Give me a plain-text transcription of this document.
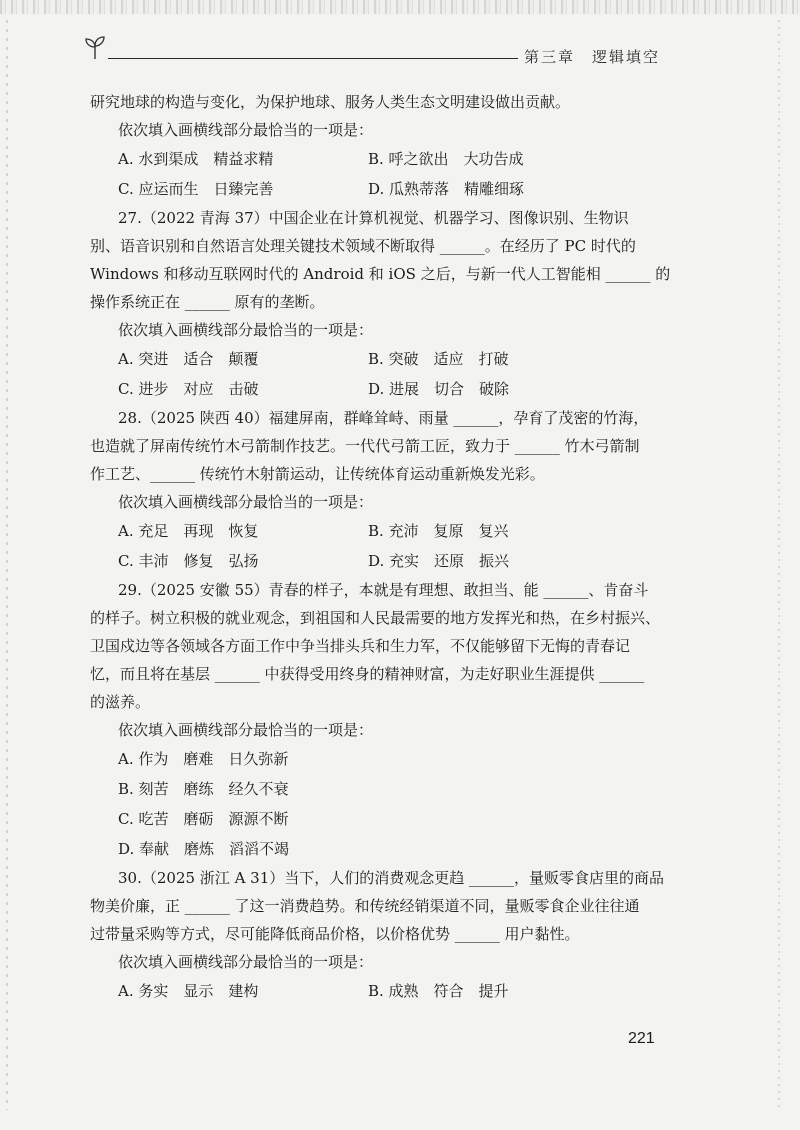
第三章　逻辑填空
研究地球的构造与变化，为保护地球、服务人类生态文明建设做出贡献。
依次填入画横线部分最恰当的一项是：
A. 水到渠成　精益求精	B. 呼之欲出　大功告成
C. 应运而生　日臻完善	D. 瓜熟蒂落　精雕细琢
27.（2022 青海 37）中国企业在计算机视觉、机器学习、图像识别、生物识
别、语音识别和自然语言处理关键技术领域不断取得 ______。在经历了 PC 时代的
Windows 和移动互联网时代的 Android 和 iOS 之后，与新一代人工智能相 ______ 的
操作系统正在 ______ 原有的垄断。
依次填入画横线部分最恰当的一项是：
A. 突进　适合　颠覆	B. 突破　适应　打破
C. 进步　对应　击破	D. 进展　切合　破除
28.（2025 陕西 40）福建屏南，群峰耸峙、雨量 ______，孕育了茂密的竹海，
也造就了屏南传统竹木弓箭制作技艺。一代代弓箭工匠，致力于 ______ 竹木弓箭制
作工艺、______ 传统竹木射箭运动，让传统体育运动重新焕发光彩。
依次填入画横线部分最恰当的一项是：
A. 充足　再现　恢复	B. 充沛　复原　复兴
C. 丰沛　修复　弘扬	D. 充实　还原　振兴
29.（2025 安徽 55）青春的样子，本就是有理想、敢担当、能 ______、肯奋斗
的样子。树立积极的就业观念，到祖国和人民最需要的地方发挥光和热，在乡村振兴、
卫国戍边等各领域各方面工作中争当排头兵和生力军，不仅能够留下无悔的青春记
忆，而且将在基层 ______ 中获得受用终身的精神财富，为走好职业生涯提供 ______
的滋养。
依次填入画横线部分最恰当的一项是：
A. 作为　磨难　日久弥新
B. 刻苦　磨练　经久不衰
C. 吃苦　磨砺　源源不断
D. 奉献　磨炼　滔滔不竭
30.（2025 浙江 A 31）当下，人们的消费观念更趋 ______，量贩零食店里的商品
物美价廉，正 ______ 了这一消费趋势。和传统经销渠道不同，量贩零食企业往往通
过带量采购等方式，尽可能降低商品价格，以价格优势 ______ 用户黏性。
依次填入画横线部分最恰当的一项是：
A. 务实　显示　建构	B. 成熟　符合　提升
221
